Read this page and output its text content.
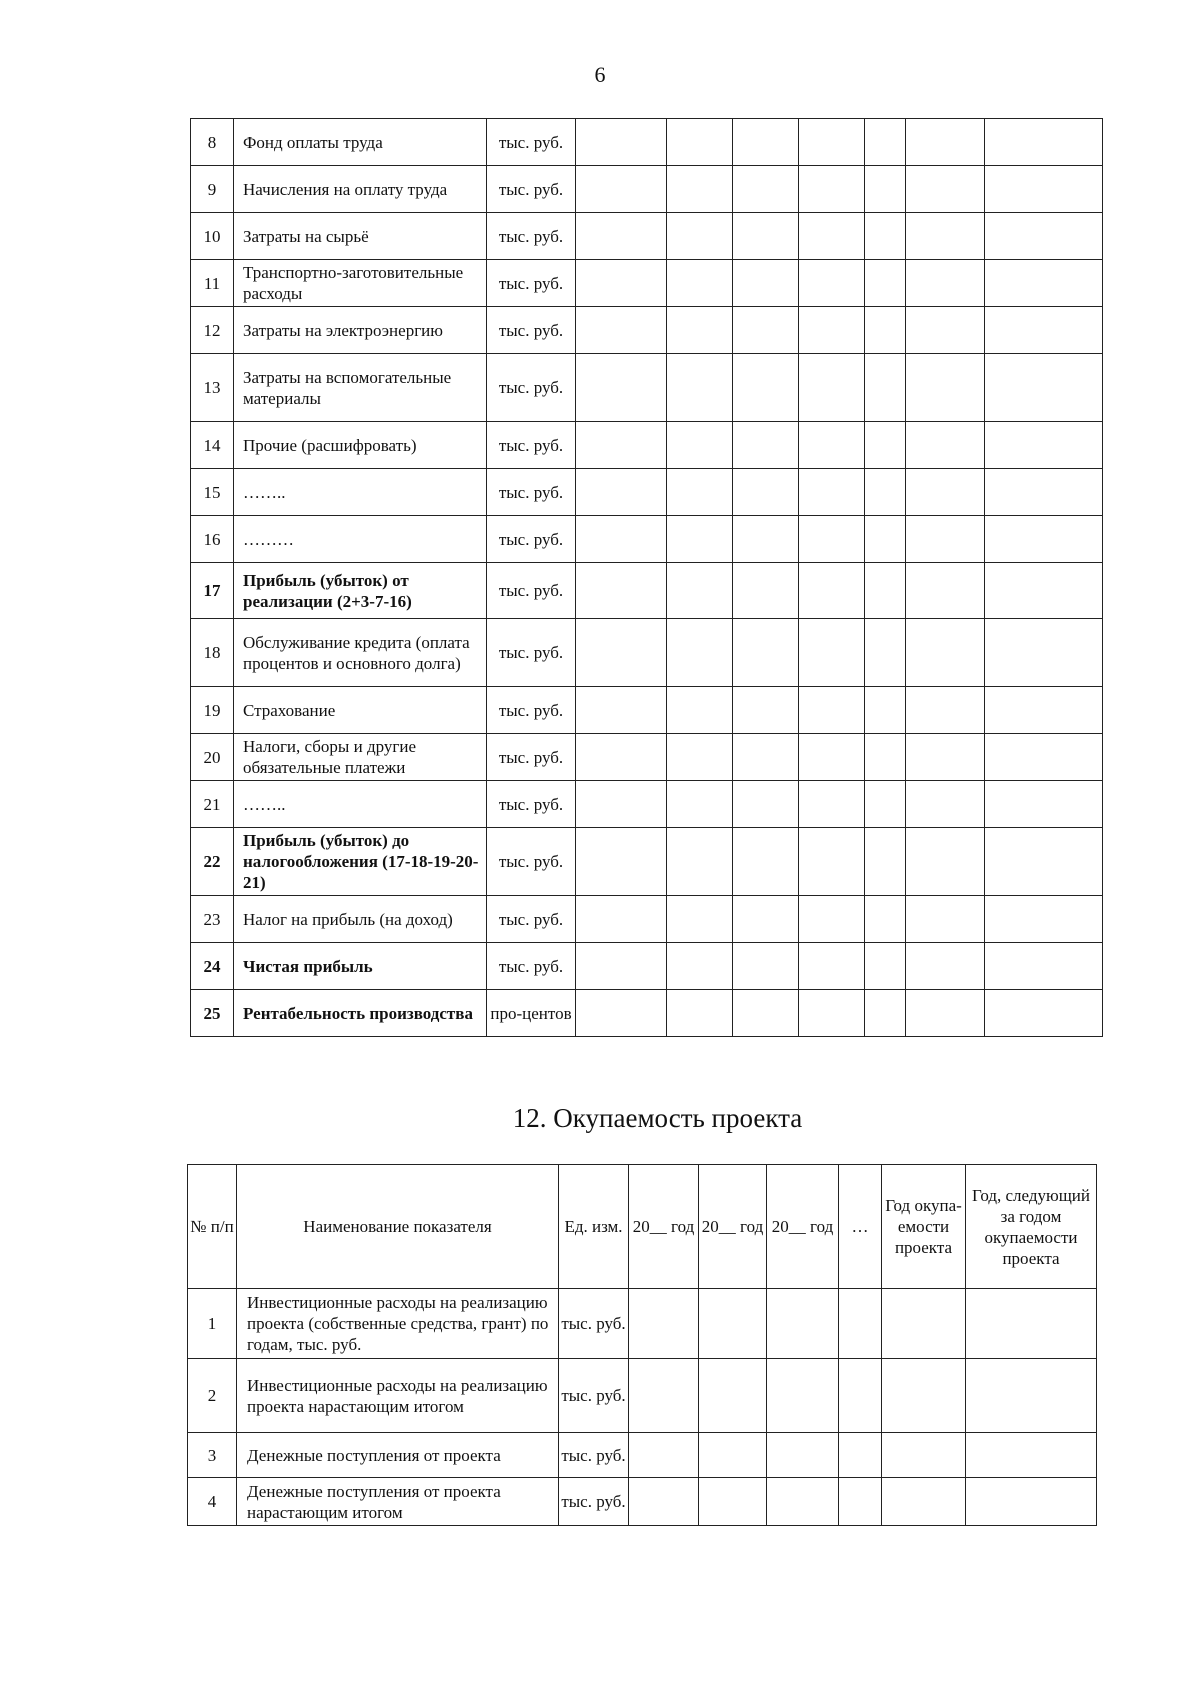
6
8	Фонд оплаты труда	тыс. руб.							
9	Начисления на оплату труда	тыс. руб.							
10	Затраты на сырьё	тыс. руб.							
11	Транспортно-заготовительные расходы	тыс. руб.							
12	Затраты на электроэнергию	тыс. руб.							
13	Затраты на вспомогательные материалы	тыс. руб.							
14	Прочие (расшифровать)	тыс. руб.							
15	……..	тыс. руб.							
16	………	тыс. руб.							
17	Прибыль (убыток) от реализации (2+3-7-16)	тыс. руб.							
18	Обслуживание кредита (оплата процентов и основного долга)	тыс. руб.							
19	Страхование	тыс. руб.							
20	Налоги, сборы и другие обязательные платежи	тыс. руб.							
21	……..	тыс. руб.							
22	Прибыль (убыток) до налогообложения (17-18-19-20-21)	тыс. руб.							
23	Налог на прибыль (на доход)	тыс. руб.							
24	Чистая прибыль	тыс. руб.							
25	Рентабельность производства	про-центов							
12. Окупаемость проекта
№ п/п	Наименование показателя	Ед. изм.	20__ год	20__ год	20__ год	…	Год окупа-емости проекта	Год, следующий за годом окупаемости проекта
1	Инвестиционные расходы на реализацию проекта (собственные средства, грант) по годам, тыс. руб.	тыс. руб.						
2	Инвестиционные расходы на реализацию проекта нарастающим итогом	тыс. руб.						
3	Денежные поступления от проекта	тыс. руб.						
4	Денежные поступления от проекта нарастающим итогом	тыс. руб.						
